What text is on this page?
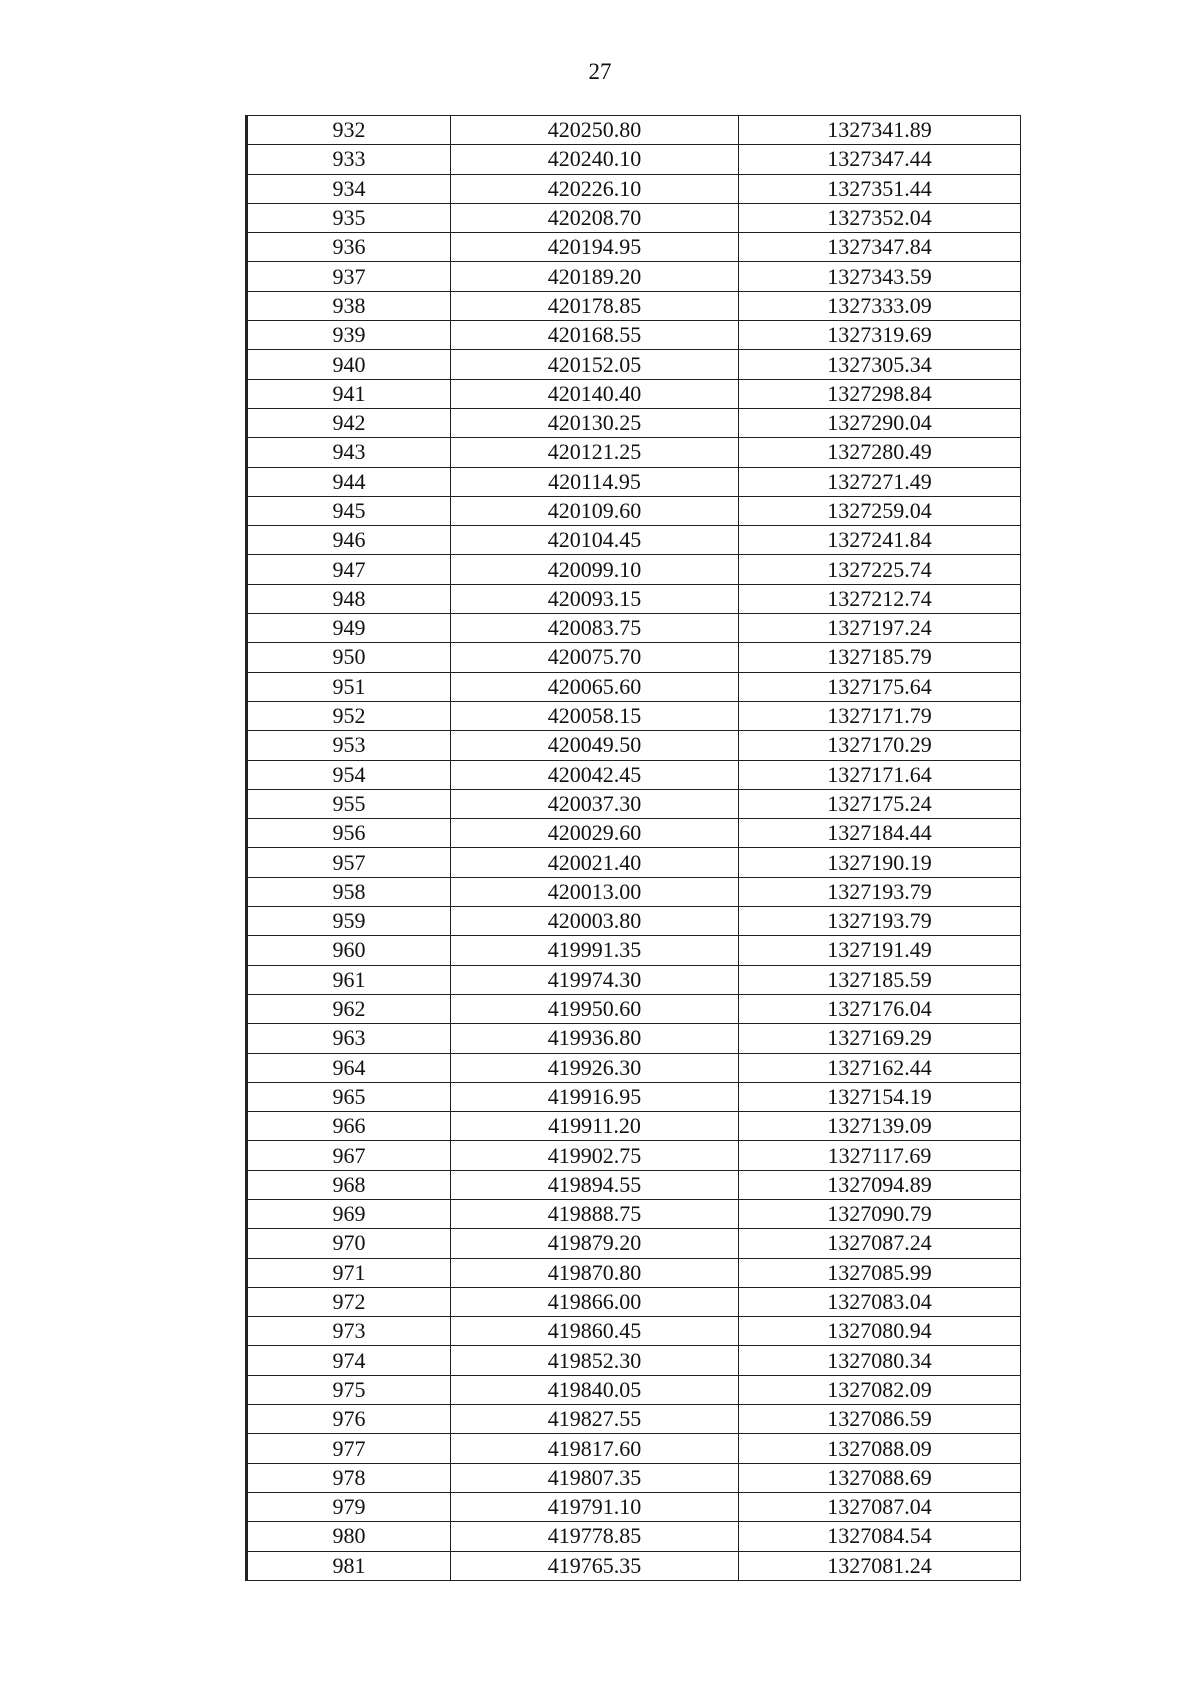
27
932	420250.80	1327341.89
933	420240.10	1327347.44
934	420226.10	1327351.44
935	420208.70	1327352.04
936	420194.95	1327347.84
937	420189.20	1327343.59
938	420178.85	1327333.09
939	420168.55	1327319.69
940	420152.05	1327305.34
941	420140.40	1327298.84
942	420130.25	1327290.04
943	420121.25	1327280.49
944	420114.95	1327271.49
945	420109.60	1327259.04
946	420104.45	1327241.84
947	420099.10	1327225.74
948	420093.15	1327212.74
949	420083.75	1327197.24
950	420075.70	1327185.79
951	420065.60	1327175.64
952	420058.15	1327171.79
953	420049.50	1327170.29
954	420042.45	1327171.64
955	420037.30	1327175.24
956	420029.60	1327184.44
957	420021.40	1327190.19
958	420013.00	1327193.79
959	420003.80	1327193.79
960	419991.35	1327191.49
961	419974.30	1327185.59
962	419950.60	1327176.04
963	419936.80	1327169.29
964	419926.30	1327162.44
965	419916.95	1327154.19
966	419911.20	1327139.09
967	419902.75	1327117.69
968	419894.55	1327094.89
969	419888.75	1327090.79
970	419879.20	1327087.24
971	419870.80	1327085.99
972	419866.00	1327083.04
973	419860.45	1327080.94
974	419852.30	1327080.34
975	419840.05	1327082.09
976	419827.55	1327086.59
977	419817.60	1327088.09
978	419807.35	1327088.69
979	419791.10	1327087.04
980	419778.85	1327084.54
981	419765.35	1327081.24
